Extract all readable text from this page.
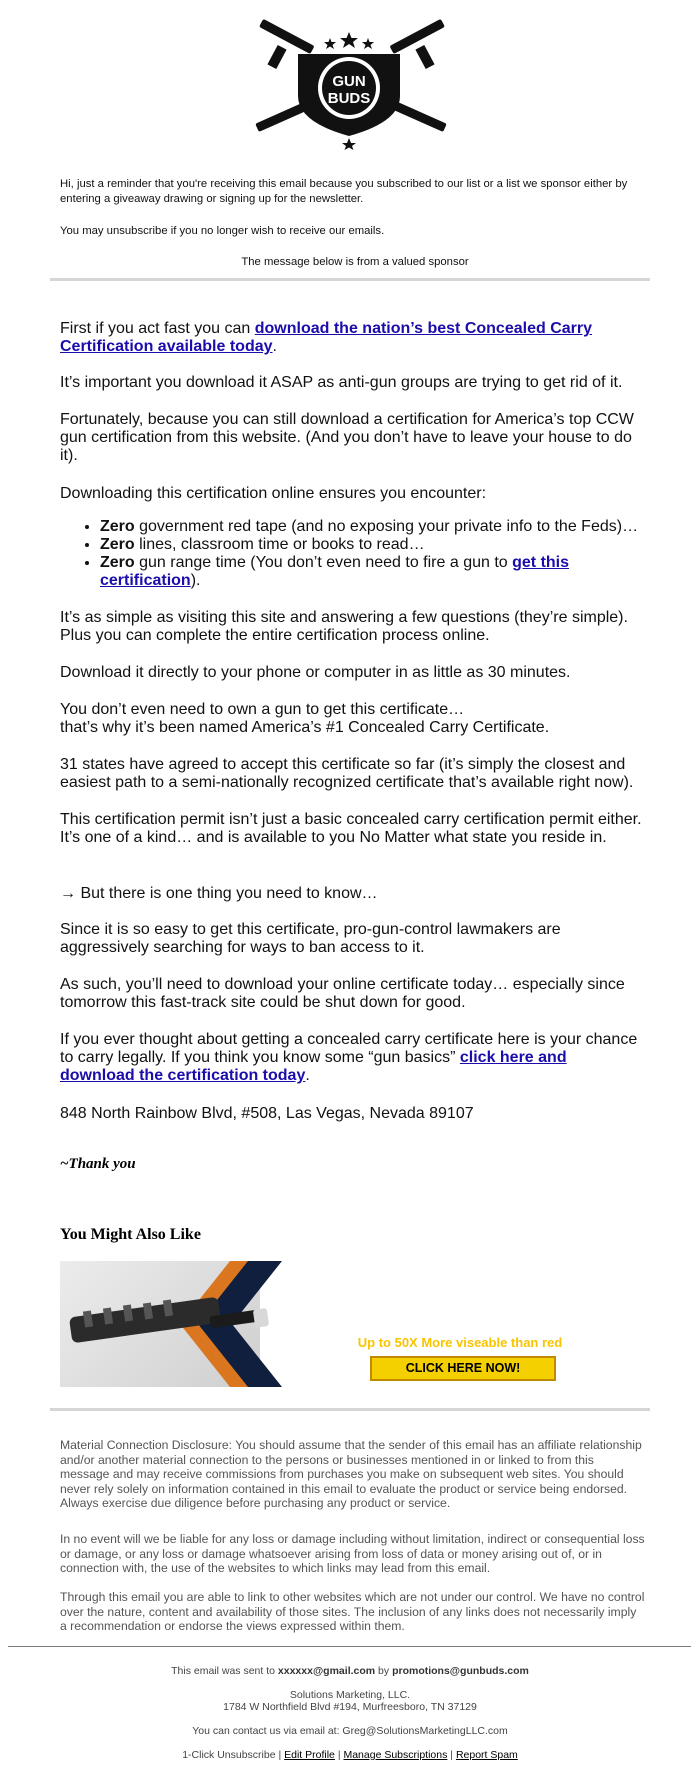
GUN
BUDS
Hi, just a reminder that you're receiving this email because you subscribed to our list or a list we sponsor either by entering a giveaway drawing or signing up for the newsletter.
You may unsubscribe if you no longer wish to receive our emails.
The message below is from a valued sponsor

First if you act fast you can download the nation’s best Concealed Carry Certification available today.

It’s important you download it ASAP as anti-gun groups are trying to get rid of it.

Fortunately, because you can still download a certification for America’s top CCW gun certification from this website. (And you don’t have to leave your house to do it).

Downloading this certification online ensures you encounter:

• Zero government red tape (and no exposing your private info to the Feds)…
• Zero lines, classroom time or books to read…
• Zero gun range time (You don’t even need to fire a gun to get this certification).

It’s as simple as visiting this site and answering a few questions (they’re simple). Plus you can complete the entire certification process online.

Download it directly to your phone or computer in as little as 30 minutes.

You don’t even need to own a gun to get this certificate…
that’s why it’s been named America’s #1 Concealed Carry Certificate.

31 states have agreed to accept this certificate so far (it’s simply the closest and easiest path to a semi-nationally recognized certificate that’s available right now).

This certification permit isn’t just a basic concealed carry certification permit either. It’s one of a kind… and is available to you No Matter what state you reside in.

→ But there is one thing you need to know…

Since it is so easy to get this certificate, pro-gun-control lawmakers are aggressively searching for ways to ban access to it.

As such, you’ll need to download your online certificate today… especially since tomorrow this fast-track site could be shut down for good.

If you ever thought about getting a concealed carry certificate here is your chance to carry legally. If you think you know some “gun basics” click here and download the certification today.

848 North Rainbow Blvd, #508, Las Vegas, Nevada 89107

~Thank you
You Might Also Like
The Boar
Green Laser Boresighter
Up to 50X More viseable than red
CLICK HERE NOW!
Material Connection Disclosure: You should assume that the sender of this email has an affiliate relationship and/or another material connection to the persons or businesses mentioned in or linked to from this message and may receive commissions from purchases you make on subsequent web sites. You should never rely solely on information contained in this email to evaluate the product or service being endorsed. Always exercise due diligence before purchasing any product or service.
In no event will we be liable for any loss or damage including without limitation, indirect or consequential loss or damage, or any loss or damage whatsoever arising from loss of data or money arising out of, or in connection with, the use of the websites to which links may lead from this email.
Through this email you are able to link to other websites which are not under our control. We have no control over the nature, content and availability of those sites. The inclusion of any links does not necessarily imply a recommendation or endorse the views expressed within them.
This email was sent to xxxxxx@gmail.com by promotions@gunbuds.com
Solutions Marketing, LLC.
1784 W Northfield Blvd #194, Murfreesboro, TN 37129
You can contact us via email at: Greg@SolutionsMarketingLLC.com
1-Click Unsubscribe | Edit Profile | Manage Subscriptions | Report Spam
